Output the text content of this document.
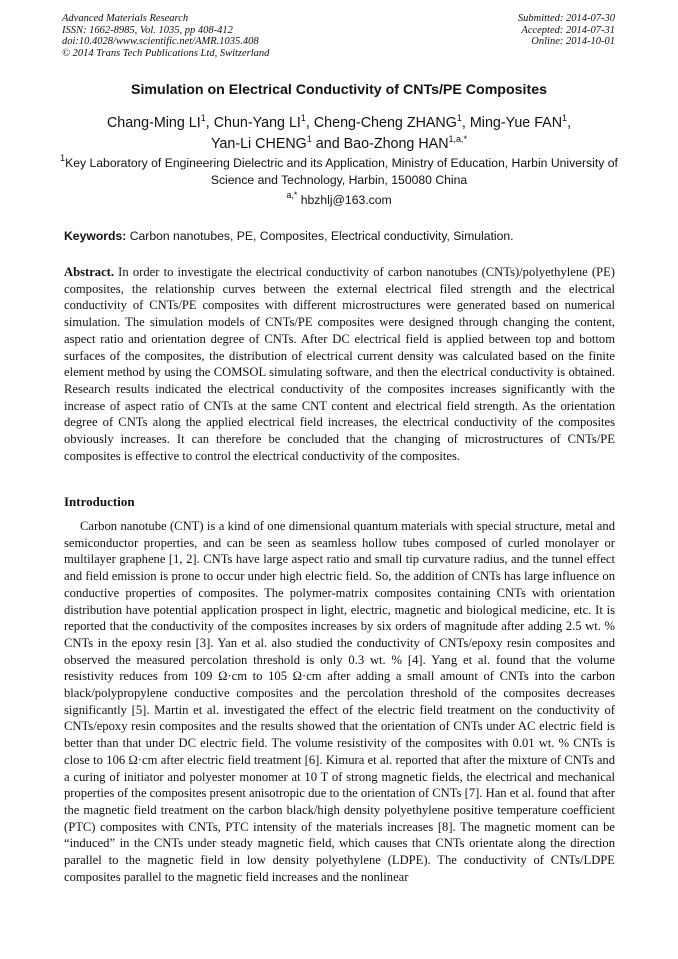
Advanced Materials Research
ISSN: 1662-8985, Vol. 1035, pp 408-412
doi:10.4028/www.scientific.net/AMR.1035.408
© 2014 Trans Tech Publications Ltd, Switzerland
Submitted: 2014-07-30
Accepted: 2014-07-31
Online: 2014-10-01
Simulation on Electrical Conductivity of CNTs/PE Composites
Chang-Ming $LI^1$, Chun-Yang $LI^1$, Cheng-Cheng ZHANG$^1$, Ming-Yue FAN$^1$,
Yan-Li CHENG$^1$ and Bao-Zhong $HAN^{1,a,*}$
$^1$Key Laboratory of Engineering Dielectric and its Application, Ministry of Education, Harbin University of Science and Technology, Harbin, 150080 China
$^{a,*}$ hbzhlj@163.com
Keywords: Carbon nanotubes, PE, Composites, Electrical conductivity, Simulation.

Abstract. In order to investigate the electrical conductivity of carbon nanotubes (CNTs)/polyethylene (PE) composites, the relationship curves between the external electrical filed strength and the electrical conductivity of CNTs/PE composites with different microstructures were generated based on numerical simulation. The simulation models of CNTs/PE composites were designed through changing the content, aspect ratio and orientation degree of CNTs. After DC electrical field is applied between top and bottom surfaces of the composites, the distribution of electrical current density was calculated based on the finite element method by using the COMSOL simulating software, and then the electrical conductivity is obtained. Research results indicated the electrical conductivity of the composites increases significantly with the increase of aspect ratio of CNTs at the same CNT content and electrical field strength. As the orientation degree of CNTs along the applied electrical field increases, the electrical conductivity of the composites obviously increases. It can therefore be concluded that the changing of microstructures of CNTs/PE composites is effective to control the electrical conductivity of the composites.

Introduction

Carbon nanotube (CNT) is a kind of one dimensional quantum materials with special structure, metal and semiconductor properties, and can be seen as seamless hollow tubes composed of curled monolayer or multilayer graphene [1, 2]. CNTs have large aspect ratio and small tip curvature radius, and the tunnel effect and field emission is prone to occur under high electric field. So, the addition of CNTs has large influence on conductive properties of composites. The polymer-matrix composites containing CNTs with orientation distribution have potential application prospect in light, electric, magnetic and biological medicine, etc. It is reported that the conductivity of the composites increases by six orders of magnitude after adding 2.5 wt. % CNTs in the epoxy resin [3]. Yan et al. also studied the conductivity of CNTs/epoxy resin composites and observed the measured percolation threshold is only 0.3 wt. % [4]. Yang et al. found that the volume resistivity reduces from 109 Ω·cm to 105 Ω·cm after adding a small amount of CNTs into the carbon black/polypropylene conductive composites and the percolation threshold of the composites decreases significantly [5]. Martin et al. investigated the effect of the electric field treatment on the conductivity of CNTs/epoxy resin composites and the results showed that the orientation of CNTs under AC electric field is better than that under DC electric field. The volume resistivity of the composites with 0.01 wt. % CNTs is close to 106 Ω·cm after electric field treatment [6]. Kimura et al. reported that after the mixture of CNTs and a curing of initiator and polyester monomer at 10 T of strong magnetic fields, the electrical and mechanical properties of the composites present anisotropic due to the orientation of CNTs [7]. Han et al. found that after the magnetic field treatment on the carbon black/high density polyethylene positive temperature coefficient (PTC) composites with CNTs, PTC intensity of the materials increases [8]. The magnetic moment can be “induced” in the CNTs under steady magnetic field, which causes that CNTs orientate along the direction parallel to the magnetic field in low density polyethylene (LDPE). The conductivity of CNTs/LDPE composites parallel to the magnetic field increases and the nonlinear
